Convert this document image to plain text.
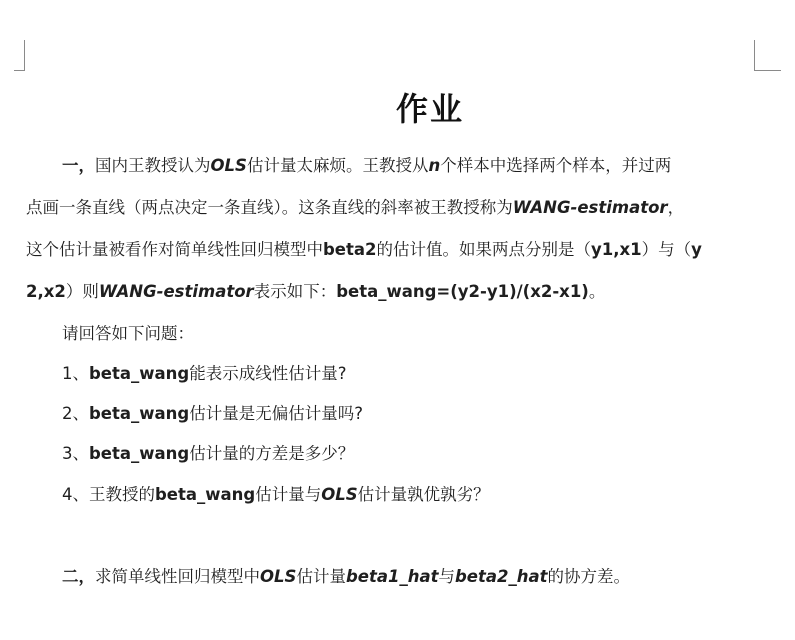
作业
一，国内王教授认为OLS估计量太麻烦。王教授从n个样本中选择两个样本，并过两
点画一条直线（两点决定一条直线）。这条直线的斜率被王教授称为WANG-estimator，
这个估计量被看作对简单线性回归模型中beta2的估计值。如果两点分别是（y1,x1）与（y
2,x2）则WANG-estimator表示如下：beta_wang=(y2-y1)/(x2-x1)。
请回答如下问题：
1、beta_wang能表示成线性估计量?
2、beta_wang估计量是无偏估计量吗?
3、beta_wang估计量的方差是多少？
4、王教授的beta_wang估计量与OLS估计量孰优孰劣？
二，求简单线性回归模型中OLS估计量beta1_hat与beta2_hat的协方差。
